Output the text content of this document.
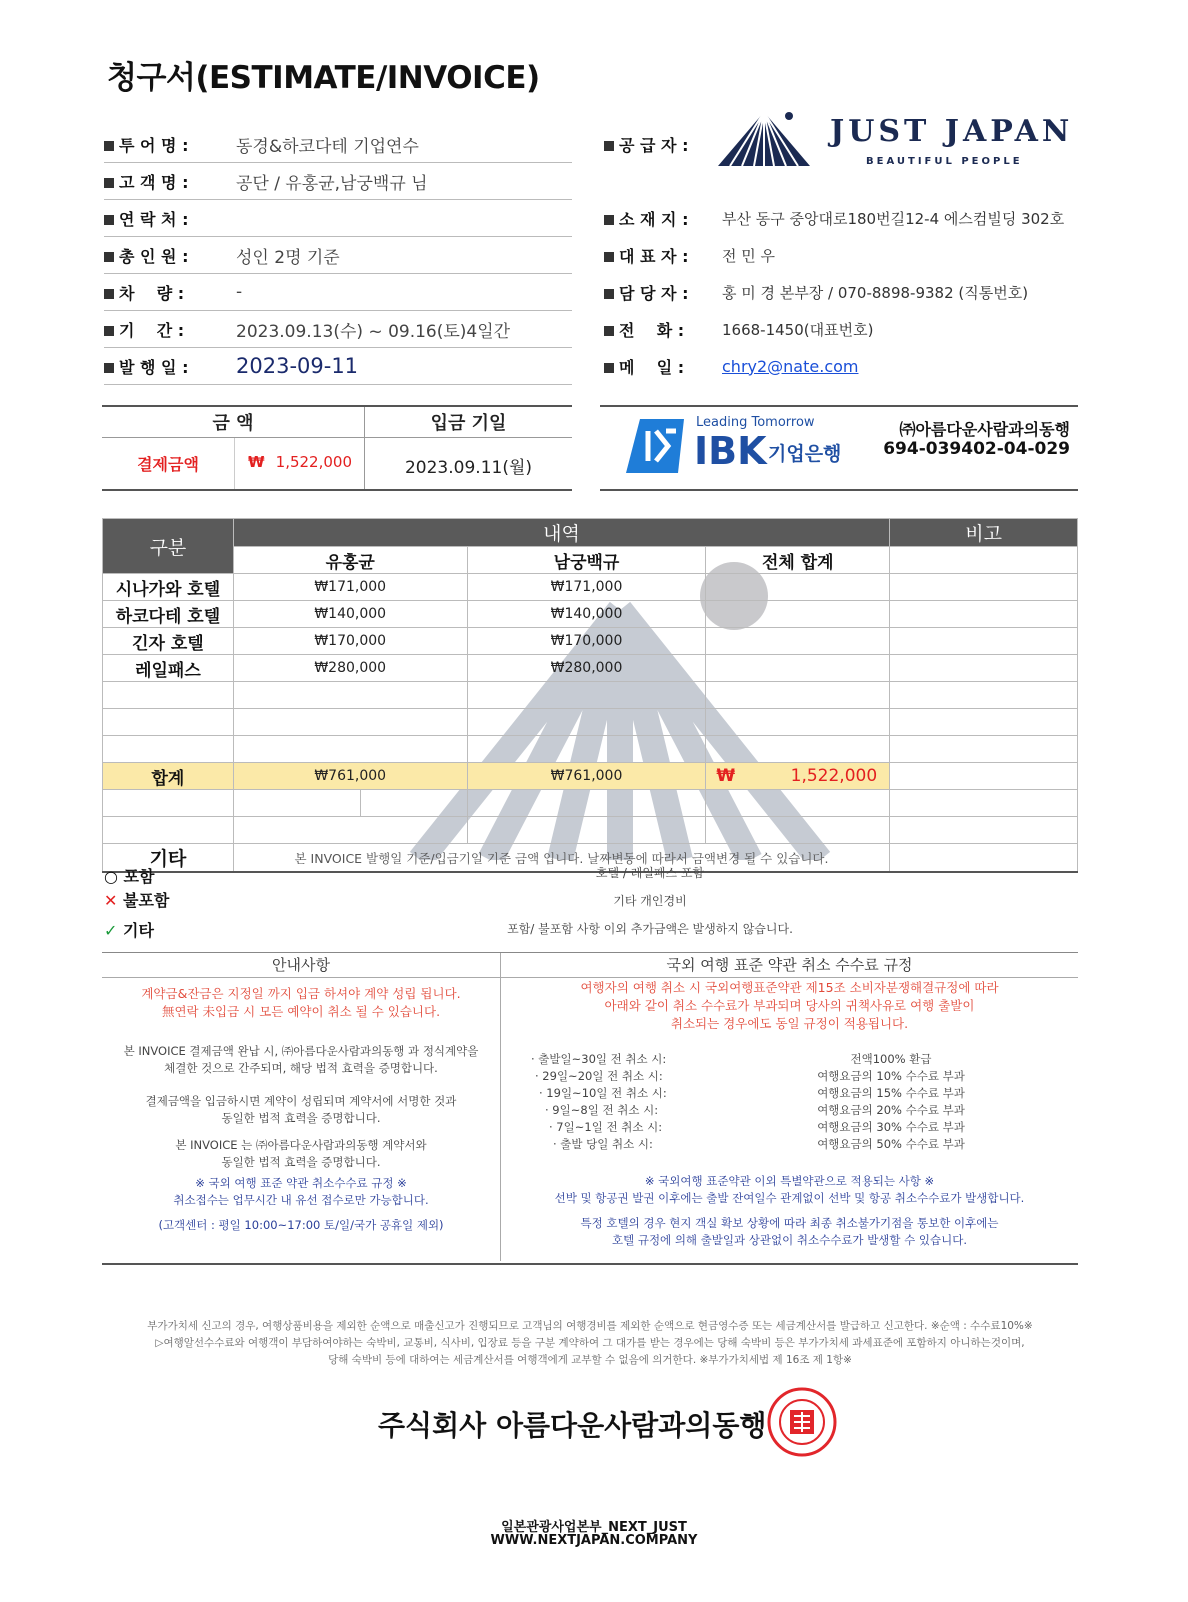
청구서(ESTIMATE/INVOICE)
투 어 명 :	동경&하코다테 기업연수
고 객 명 :	공단 / 유홍균,남궁백규 님
연 락 처 :
총 인 원 :	성인 2명 기준
차    량 :	-
기    간 :	2023.09.13(수) ~ 09.16(토)4일간
발 행 일 :	2023-09-11
공 급 자 :	JUST JAPAN
BEAUTIFUL PEOPLE
소 재 지 :	부산 동구 중앙대로180번길12-4 에스컴빌딩 302호
대 표 자 :	전 민 우
담 당 자 :	홍 미 경 본부장 / 070-8898-9382 (직통번호)
전    화 :	1668-1450(대표번호)
메    일 :	chry2@nate.com
금 액	입금 기일
결제금액	₩ 1,522,000	2023.09.11(월)
Leading Tomorrow
IBK 기업은행
㈜아름다운사람과의동행
694-039402-04-029
구분	내역				비고
	유홍균		남궁백규	전체 합계	
시나가와 호텔	₩171,000		₩171,000		
하코다테 호텔	₩140,000		₩140,000		
긴자 호텔	₩170,000		₩170,000		
레일패스	₩280,000		₩280,000		

합계	₩761,000		₩761,000	₩ 1,522,000	

기타	본 INVOICE 발행일 기준/입금기일 기준 금액 입니다. 날짜변동에 따라서 금액변경 될 수 있습니다.				
○ 포함	호텔 / 레일패스 포함
✕ 불포함	기타 개인경비
✓ 기타	포함/ 불포함 사항 이외 추가금액은 발생하지 않습니다.
안내사항	국외 여행 표준 약관 취소 수수료 규정
계약금&잔금은 지정일 까지 입금 하셔야 계약 성립 됩니다.
無연락 未입금 시 모든 예약이 취소 될 수 있습니다.
본 INVOICE 결제금액 완납 시, ㈜아름다운사람과의동행 과 정식계약을
체결한 것으로 간주되며, 해당 법적 효력을 증명합니다.
결제금액을 입금하시면 계약이 성립되며 계약서에 서명한 것과
동일한 법적 효력을 증명합니다.
본 INVOICE 는 ㈜아름다운사람과의동행 계약서와
동일한 법적 효력을 증명합니다.
※ 국외 여행 표준 약관 취소수수료 규정 ※
취소접수는 업무시간 내 유선 접수로만 가능합니다.
(고객센터 : 평일 10:00~17:00 토/일/국가 공휴일 제외)
여행자의 여행 취소 시 국외여행표준약관 제15조 소비자분쟁해결규정에 따라
아래와 같이 취소 수수료가 부과되며 당사의 귀책사유로 여행 출발이
취소되는 경우에도 동일 규정이 적용됩니다.
· 출발일~30일 전 취소 시:	전액100% 환급
· 29일~20일 전 취소 시:	여행요금의 10% 수수료 부과
· 19일~10일 전 취소 시:	여행요금의 15% 수수료 부과
· 9일~8일 전 취소 시:	여행요금의 20% 수수료 부과
· 7일~1일 전 취소 시:	여행요금의 30% 수수료 부과
· 출발 당일 취소 시:	여행요금의 50% 수수료 부과
※ 국외여행 표준약관 이외 특별약관으로 적용되는 사항 ※
선박 및 항공권 발권 이후에는 출발 잔여일수 관계없이 선박 및 항공 취소수수료가 발생합니다.
특정 호텔의 경우 현지 객실 확보 상황에 따라 최종 취소불가기점을 통보한 이후에는
호텔 규정에 의해 출발일과 상관없이 취소수수료가 발생할 수 있습니다.
부가가치세 신고의 경우, 여행상품비용을 제외한 순액으로 매출신고가 진행되므로 고객님의 여행경비를 제외한 순액으로 현금영수증 또는 세금계산서를 발급하고 신고한다. ※순액 : 수수료10%※
▷여행알선수수료와 여행객이 부담하여야하는 숙박비, 교통비, 식사비, 입장료 등을 구분 계약하여 그 대가를 받는 경우에는 당해 숙박비 등은 부가가치세 과세표준에 포함하지 아니하는것이며,
당해 숙박비 등에 대하여는 세금계산서를 여행객에게 교부할 수 없음에 의거한다. ※부가가치세법 제 16조 제 1항※
주식회사 아름다운사람과의동행
일본관광사업본부_NEXT_JUST
WWW.NEXTJAPAN.COMPANY
